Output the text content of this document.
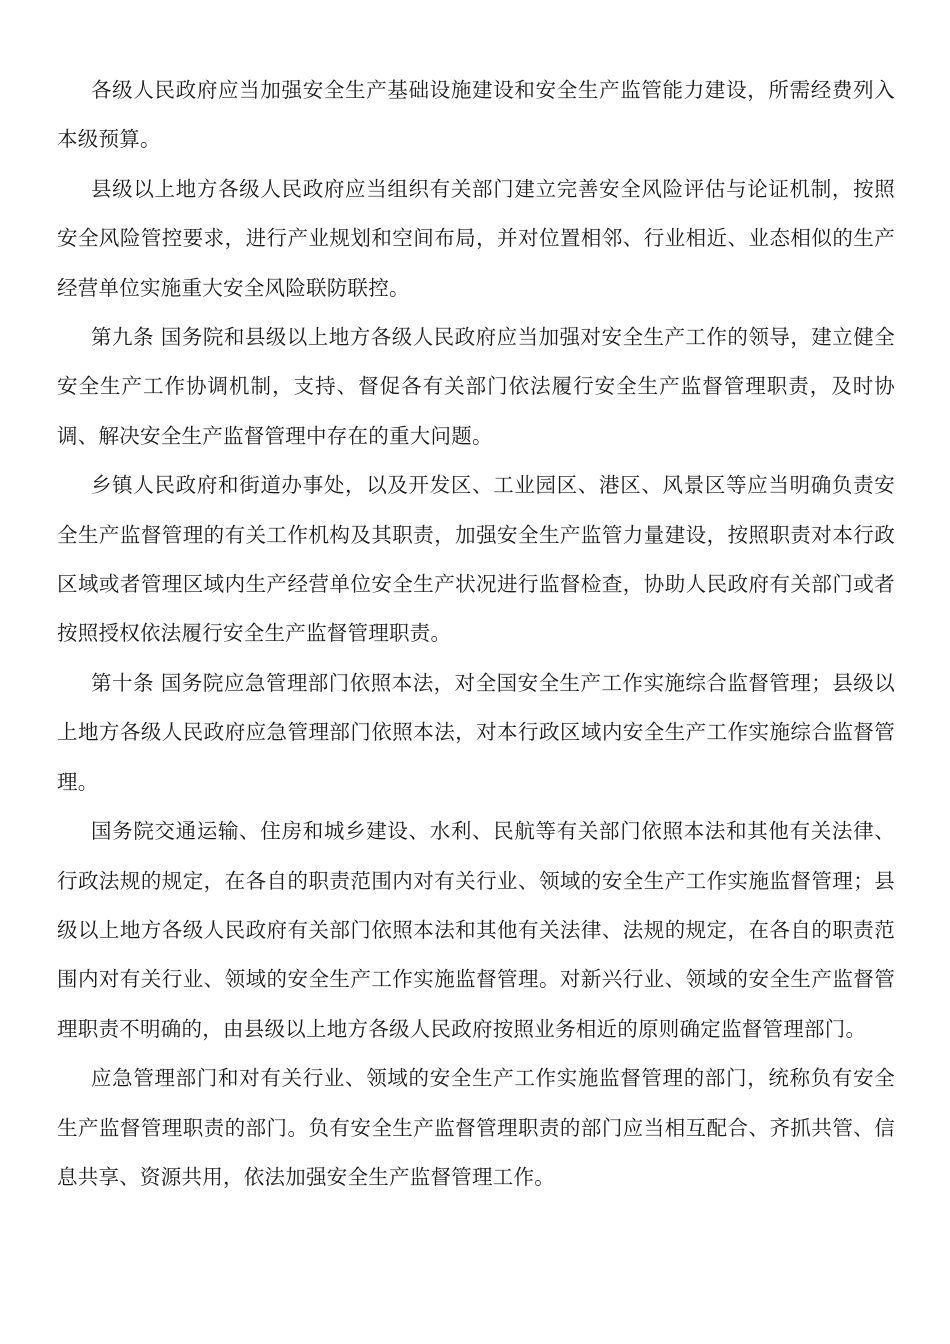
各级人民政府应当加强安全生产基础设施建设和安全生产监管能力建设，所需经费列入本级预算。

县级以上地方各级人民政府应当组织有关部门建立完善安全风险评估与论证机制，按照安全风险管控要求，进行产业规划和空间布局，并对位置相邻、行业相近、业态相似的生产经营单位实施重大安全风险联防联控。

第九条 国务院和县级以上地方各级人民政府应当加强对安全生产工作的领导，建立健全安全生产工作协调机制，支持、督促各有关部门依法履行安全生产监督管理职责，及时协调、解决安全生产监督管理中存在的重大问题。

乡镇人民政府和街道办事处，以及开发区、工业园区、港区、风景区等应当明确负责安全生产监督管理的有关工作机构及其职责，加强安全生产监管力量建设，按照职责对本行政区域或者管理区域内生产经营单位安全生产状况进行监督检查，协助人民政府有关部门或者按照授权依法履行安全生产监督管理职责。

第十条 国务院应急管理部门依照本法，对全国安全生产工作实施综合监督管理；县级以上地方各级人民政府应急管理部门依照本法，对本行政区域内安全生产工作实施综合监督管理。

国务院交通运输、住房和城乡建设、水利、民航等有关部门依照本法和其他有关法律、行政法规的规定，在各自的职责范围内对有关行业、领域的安全生产工作实施监督管理；县级以上地方各级人民政府有关部门依照本法和其他有关法律、法规的规定，在各自的职责范围内对有关行业、领域的安全生产工作实施监督管理。对新兴行业、领域的安全生产监督管理职责不明确的，由县级以上地方各级人民政府按照业务相近的原则确定监督管理部门。

应急管理部门和对有关行业、领域的安全生产工作实施监督管理的部门，统称负有安全生产监督管理职责的部门。负有安全生产监督管理职责的部门应当相互配合、齐抓共管、信息共享、资源共用，依法加强安全生产监督管理工作。
